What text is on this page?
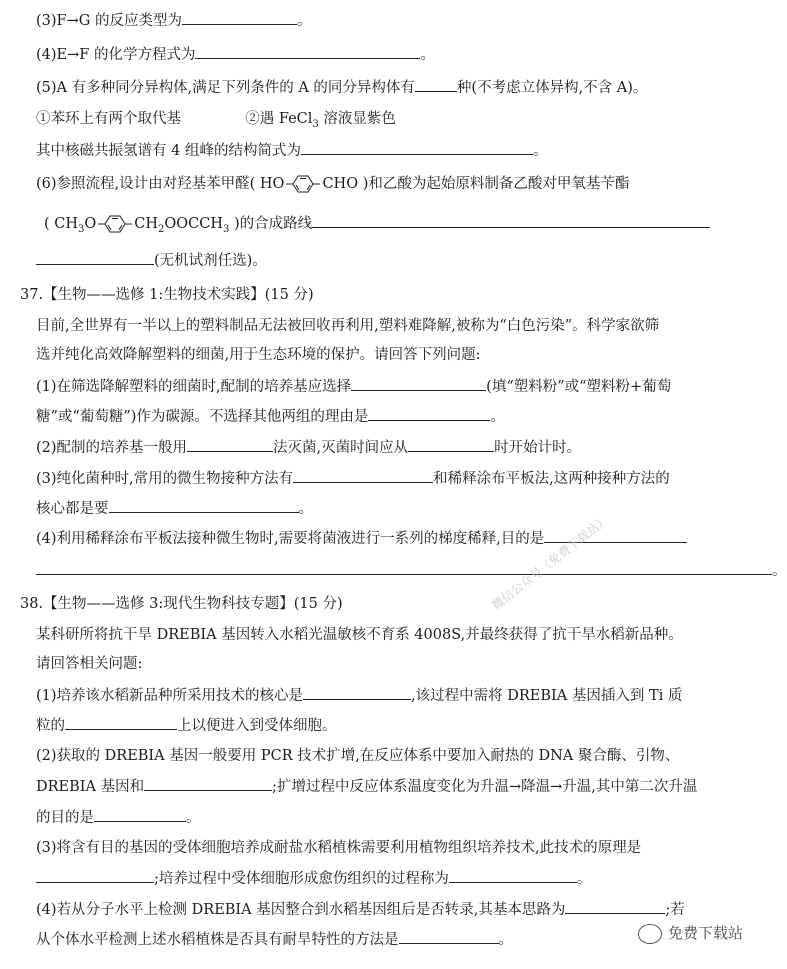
(3)F→G 的反应类型为	。
(4)E→F 的化学方程式为	。
(5)A 有多种同分异构体,满足下列条件的 A 的同分异构体有	种(不考虑立体异构,不含 A)。
①苯环上有两个取代基	②遇 FeCl$_3$ 溶液显紫色
其中核磁共振氢谱有 4 组峰的结构简式为	。
(6)参照流程,设计由对羟基苯甲醛( HO	CHO )和乙酸为起始原料制备乙酸对甲氧基苄酯
( $CH_3O$	$CH_2OOCCH_3$ )的合成路线
(无机试剂任选)。
37.【生物——选修 1:生物技术实践】(15 分)
目前,全世界有一半以上的塑料制品无法被回收再利用,塑料难降解,被称为“白色污染”。科学家欲筛
选并纯化高效降解塑料的细菌,用于生态环境的保护。请回答下列问题:
(1)在筛选降解塑料的细菌时,配制的培养基应选择	(填“塑料粉”或“塑料粉+葡萄
糖”或“葡萄糖”)作为碳源。不选择其他两组的理由是	。
(2)配制的培养基一般用	法灭菌,灭菌时间应从	时开始计时。
(3)纯化菌种时,常用的微生物接种方法有	和稀释涂布平板法,这两种接种方法的
核心都是要	。
(4)利用稀释涂布平板法接种微生物时,需要将菌液进行一系列的梯度稀释,目的是
。
38.【生物——选修 3:现代生物科技专题】(15 分)
某科研所将抗干旱 DREBIA 基因转入水稻光温敏核不育系 4008S,并最终获得了抗干旱水稻新品种。
请回答相关问题:
(1)培养该水稻新品种所采用技术的核心是	,该过程中需将 DREBIA 基因插入到 Ti 质
粒的	上以便进入到受体细胞。
(2)获取的 DREBIA 基因一般要用 PCR 技术扩增,在反应体系中要加入耐热的 DNA 聚合酶、引物、
DREBIA 基因和	;扩增过程中反应体系温度变化为升温→降温→升温,其中第二次升温
的目的是	。
(3)将含有目的基因的受体细胞培养成耐盐水稻植株需要利用植物组织培养技术,此技术的原理是
;培养过程中受体细胞形成愈伤组织的过程称为	。
(4)若从分子水平上检测 DREBIA 基因整合到水稻基因组后是否转录,其基本思路为	;若
从个体水平检测上述水稻植株是否具有耐旱特性的方法是	。
微信公众号《免费下载站》
免费下载站
